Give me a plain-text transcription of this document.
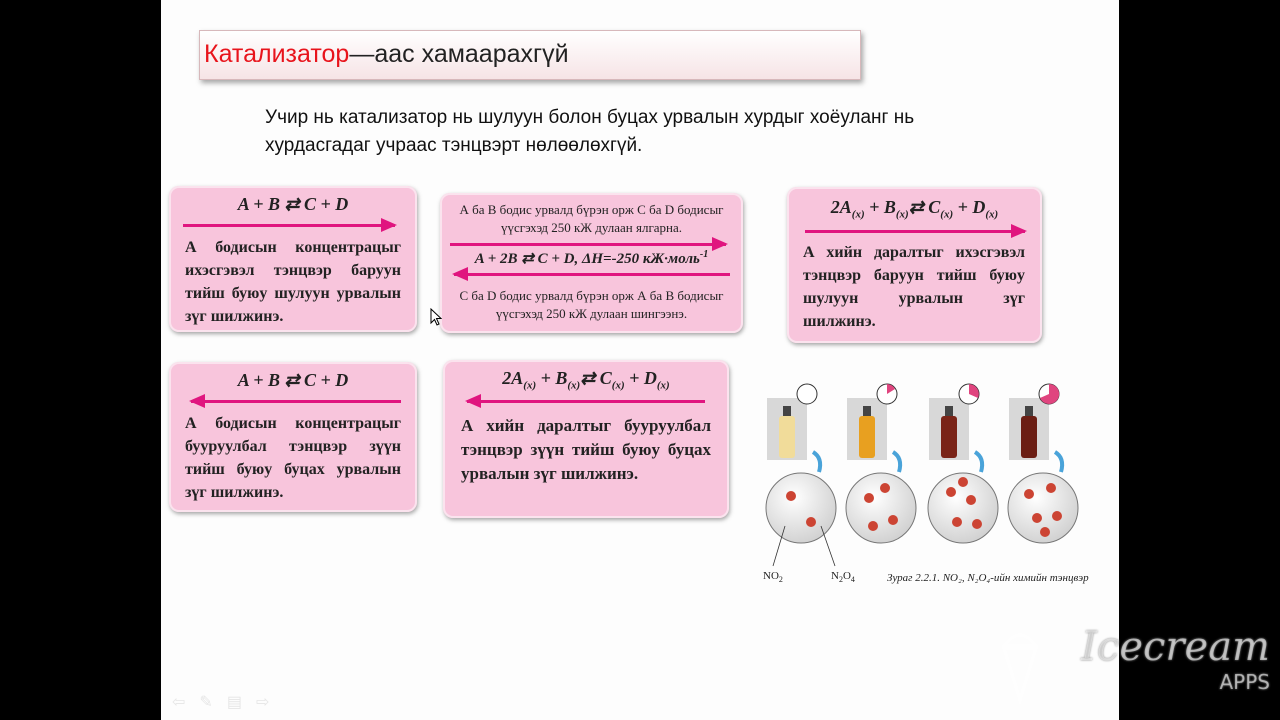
Катализатор—аас хамаарахгүй
Учир нь катализатор нь шулуун болон буцах урвалын хурдыг хоёуланг нь хурдасгадаг учраас тэнцвэрт нөлөөлөхгүй.
A + B ⇄ C + D
А бодисын концентрацыг ихэсгэвэл тэнцвэр баруун тийш буюу шулуун урвалын зүг шилжинэ.
А ба В бодис урвалд бүрэн орж С ба D бодисыг үүсгэхэд 250 кЖ дулаан ялгарна.
A + 2B ⇄ C + D, ΔH=-250 кЖ·моль$^{-1}$
С ба D бодис урвалд бүрэн орж А ба В бодисыг үүсгэхэд 250 кЖ дулаан шингээнэ.
$2A_{(x)}$ + $B_{(x)}⇄$ $C_{(x)} + D_{(x)}$
А хийн даралтыг ихэсгэвэл тэнцвэр баруун тийш буюу шулуун урвалын зүг шилжинэ.
A + B ⇄ C + D
А бодисын концентрацыг бууруулбал тэнцвэр зүүн тийш буюу буцах урвалын зүг шилжинэ.
$2A_{(x)}$ + $B_{(x)}⇄$ $C_{(x)} + D_{(x)}$
А хийн даралтыг бууруулбал тэнцвэр зүүн тийш буюу буцах урвалын зүг шилжинэ.
$NO_2$	$N_2O_4$	Зураг 2.2.1. NO₂, N₂O₄-ийн химийн тэнцвэр
⇦ ✎ ▤ ⇨
Icecream
APPS
